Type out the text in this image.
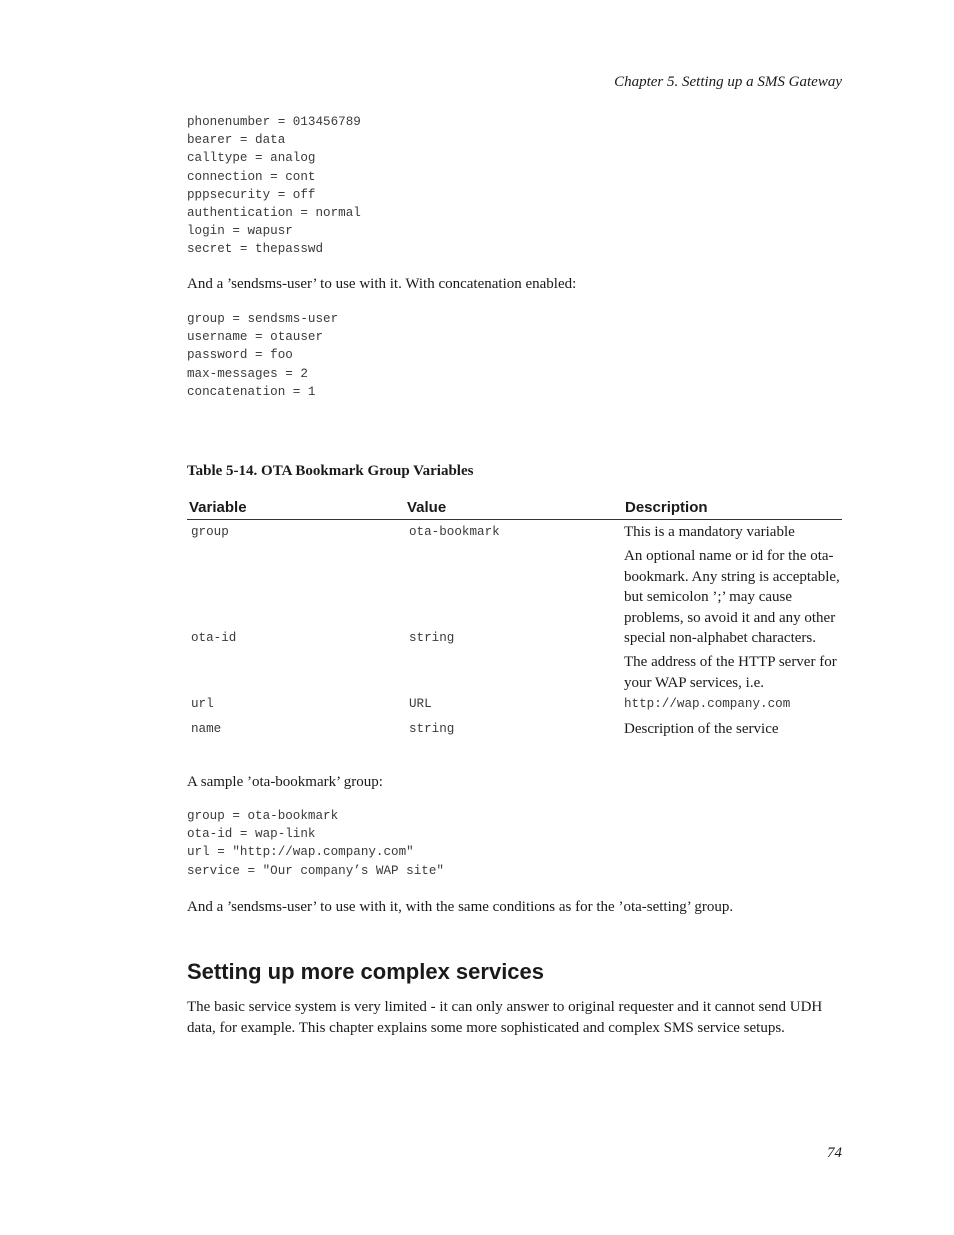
Chapter 5. Setting up a SMS Gateway
phonenumber = 013456789
bearer = data
calltype = analog
connection = cont
pppsecurity = off
authentication = normal
login = wapusr
secret = thepasswd

And a ’sendsms-user’ to use with it. With concatenation enabled:

group = sendsms-user
username = otauser
password = foo
max-messages = 2
concatenation = 1
Table 5-14. OTA Bookmark Group Variables
Variable	Value	Description
group	ota-bookmark	This is a mandatory variable
ota-id	string	An optional name or id for the ota-bookmark. Any string is acceptable, but semicolon ’;’ may cause problems, so avoid it and any other special non-alphabet characters.
url	URL	The address of the HTTP server for your WAP services, i.e.
http://wap.company.com
name	string	Description of the service

A sample ’ota-bookmark’ group:

group = ota-bookmark
ota-id = wap-link
url = "http://wap.company.com"
service = "Our company’s WAP site"

And a ’sendsms-user’ to use with it, with the same conditions as for the ’ota-setting’ group.

Setting up more complex services

The basic service system is very limited - it can only answer to original requester and it cannot send UDH data, for example. This chapter explains some more sophisticated and complex SMS service setups.

74
